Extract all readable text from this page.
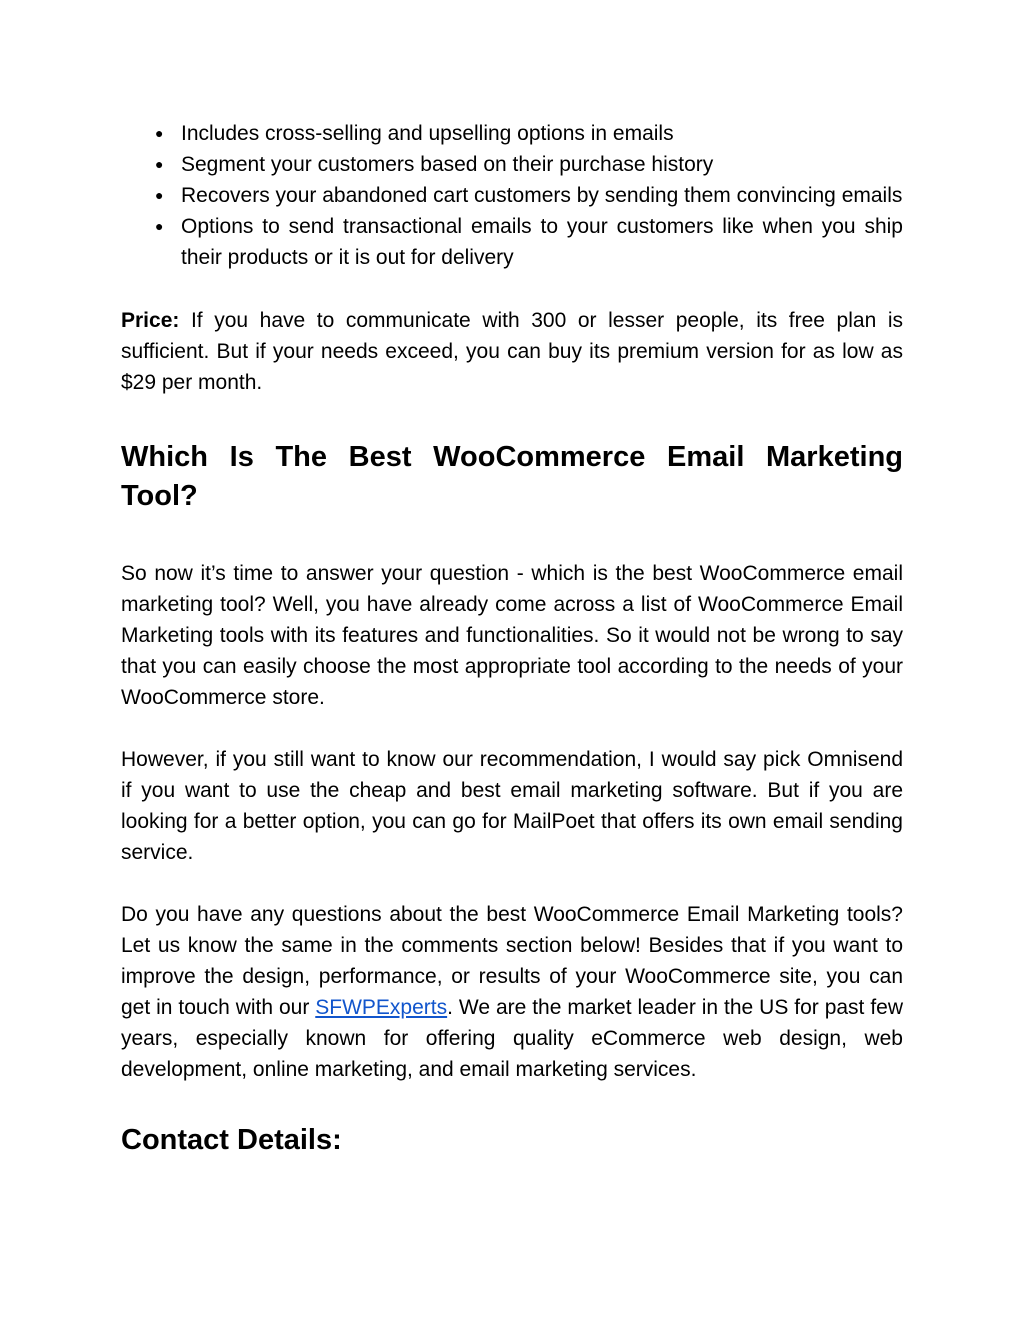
● Includes cross-selling and upselling options in emails
● Segment your customers based on their purchase history
● Recovers your abandoned cart customers by sending them convincing emails
● Options to send transactional emails to your customers like when you ship their products or it is out for delivery

Price: If you have to communicate with 300 or lesser people, its free plan is sufficient. But if your needs exceed, you can buy its premium version for as low as $29 per month.

Which Is The Best WooCommerce Email Marketing Tool?

So now it’s time to answer your question - which is the best WooCommerce email marketing tool? Well, you have already come across a list of WooCommerce Email Marketing tools with its features and functionalities. So it would not be wrong to say that you can easily choose the most appropriate tool according to the needs of your WooCommerce store.

However, if you still want to know our recommendation, I would say pick Omnisend if you want to use the cheap and best email marketing software. But if you are looking for a better option, you can go for MailPoet that offers its own email sending service.

Do you have any questions about the best WooCommerce Email Marketing tools? Let us know the same in the comments section below! Besides that if you want to improve the design, performance, or results of your WooCommerce site, you can get in touch with our SFWPExperts. We are the market leader in the US for past few years, especially known for offering quality eCommerce web design, web development, online marketing, and email marketing services.

Contact Details:
